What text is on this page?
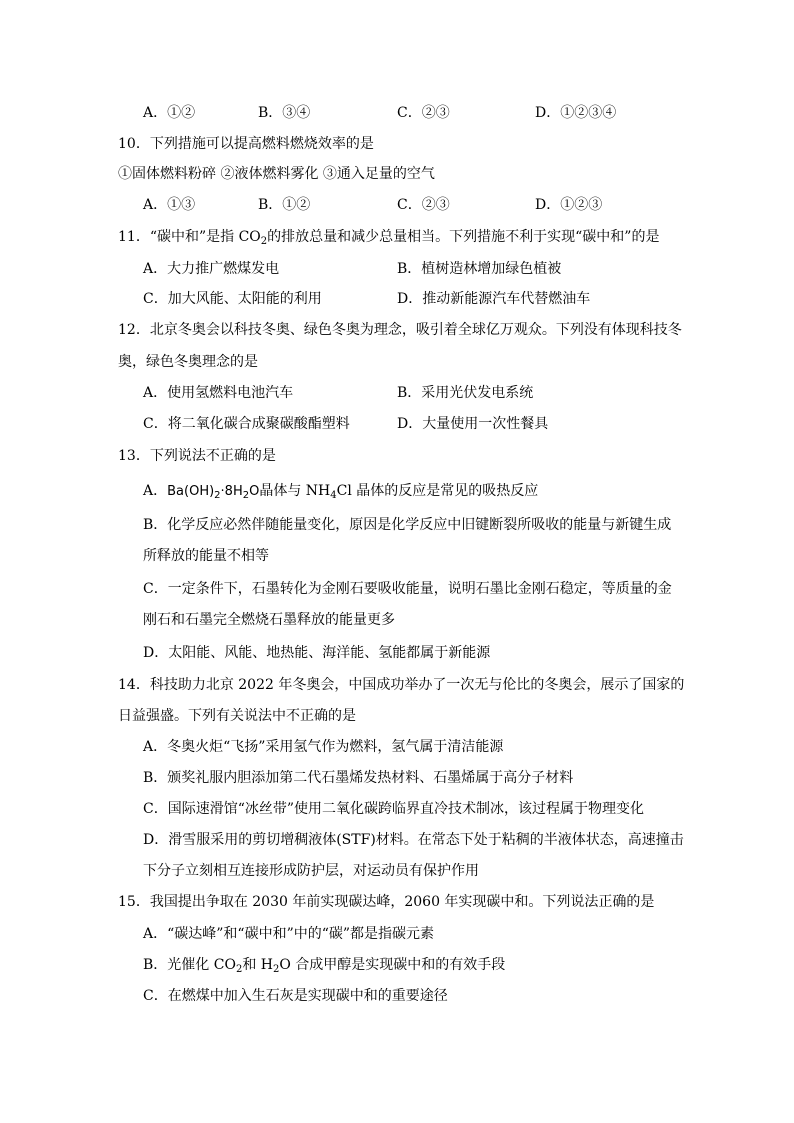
A．①②	B．③④	C．②③	D．①②③④
10．下列措施可以提高燃料燃烧效率的是
①固体燃料粉碎 ②液体燃料雾化 ③通入足量的空气
A．①③	B．①②	C．②③	D．①②③
11．“碳中和”是指 $CO_2$的排放总量和减少总量相当。下列措施不利于实现“碳中和”的是
A．大力推广燃煤发电	B．植树造林增加绿色植被
C．加大风能、太阳能的利用	D．推动新能源汽车代替燃油车
12．北京冬奥会以科技冬奥、绿色冬奥为理念，吸引着全球亿万观众。下列没有体现科技冬
奥，绿色冬奥理念的是
A．使用氢燃料电池汽车	B．采用光伏发电系统
C．将二氧化碳合成聚碳酸酯塑料	D．大量使用一次性餐具
13．下列说法不正确的是
A．$Ba(OH)_2\cdot 8H_2O$晶体与 $NH_4Cl$ 晶体的反应是常见的吸热反应
B．化学反应必然伴随能量变化，原因是化学反应中旧键断裂所吸收的能量与新键生成
所释放的能量不相等
C．一定条件下，石墨转化为金刚石要吸收能量，说明石墨比金刚石稳定，等质量的金
刚石和石墨完全燃烧石墨释放的能量更多
D．太阳能、风能、地热能、海洋能、氢能都属于新能源
14．科技助力北京 2022 年冬奥会，中国成功举办了一次无与伦比的冬奥会，展示了国家的
日益强盛。下列有关说法中不正确的是
A．冬奥火炬“飞扬”采用氢气作为燃料，氢气属于清洁能源
B．颁奖礼服内胆添加第二代石墨烯发热材料、石墨烯属于高分子材料
C．国际速滑馆“冰丝带”使用二氧化碳跨临界直冷技术制冰，该过程属于物理变化
D．滑雪服采用的剪切增稠液体(STF)材料。在常态下处于粘稠的半液体状态，高速撞击
下分子立刻相互连接形成防护层，对运动员有保护作用
15．我国提出争取在 2030 年前实现碳达峰，2060 年实现碳中和。下列说法正确的是
A．“碳达峰”和“碳中和”中的“碳”都是指碳元素
B．光催化 $CO_2$和 $H_2O$ 合成甲醇是实现碳中和的有效手段
C．在燃煤中加入生石灰是实现碳中和的重要途径
